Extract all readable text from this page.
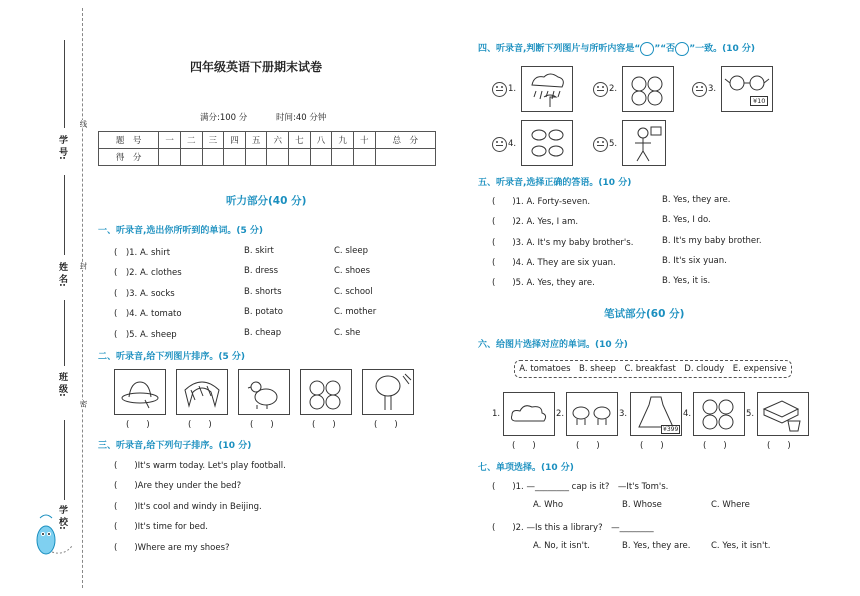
学 号:
姓 名:
班 级:
学 校:
线
封
密
四年级英语下册期末试卷
满分:100 分	时间:40 分钟
题　号	一	二	三	四	五	六	七	八	九	十	总　分
得　分											
听力部分(40 分)
一、听录音,选出你所听到的单词。(5 分)
(　)1. A. shirt	B. skirt	C. sleep
(　)2. A. clothes	B. dress	C. shoes
(　)3. A. socks	B. shorts	C. school
(　)4. A. tomato	B. potato	C. mother
(　)5. A. sheep	B. cheap	C. she
二、听录音,给下列图片排序。(5 分)
(　　)	(　　)	(　　)	(　　)	(　　)
三、听录音,给下列句子排序。(10 分)
(　　)It's warm today. Let's play football.
(　　)Are they under the bed?
(　　)It's cool and windy in Beijing.
(　　)It's time for bed.
(　　)Where are my shoes?
四、听录音,判断下列图片与所听内容是“ ”“否 ”一致。(10 分)
1.	2.	3.
¥10
4.	5.
五、听录音,选择正确的答语。(10 分)
(　　)1. A. Forty-seven.	B. Yes, they are.
(　　)2. A. Yes, I am.	B. Yes, I do.
(　　)3. A. It's my baby brother's.	B. It's my baby brother.
(　　)4. A. They are six yuan.	B. It's six yuan.
(　　)5. A. Yes, they are.	B. Yes, it is.
笔试部分(60 分)
六、给图片选择对应的单词。(10 分)
A. tomatoes　B. sheep　C. breakfast　D. cloudy　E. expensive
1.	2.	3.
¥399
4.	5.
(　　)	(　　)	(　　)	(　　)	(　　)
七、单项选择。(10 分)
(　　)1. —________ cap is it?　—It's Tom's.
A. Who	B. Whose	C. Where
(　　)2. —Is this a library?　—________
A. No, it isn't.	B. Yes, they are. C. Yes, it isn't.
